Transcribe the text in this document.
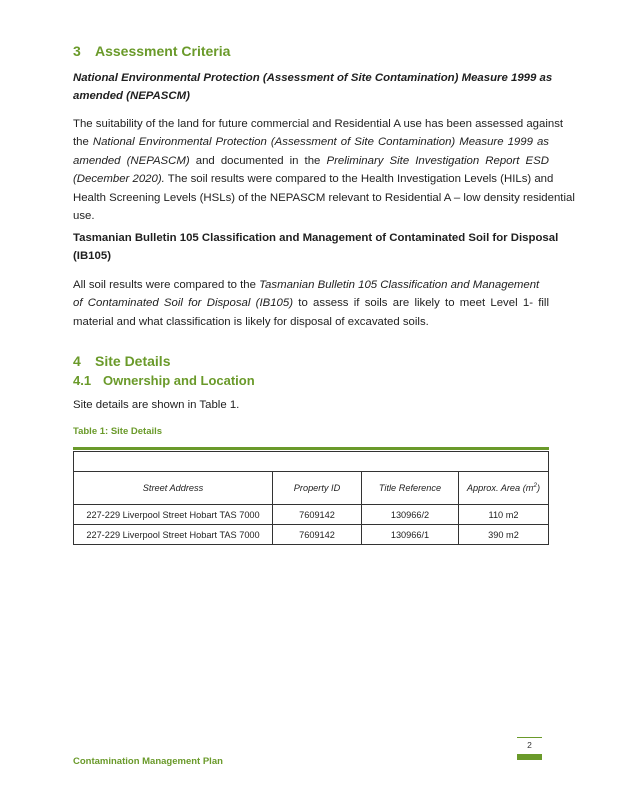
3 Assessment Criteria
National Environmental Protection (Assessment of Site Contamination) Measure 1999 as
amended (NEPASCM)
The suitability of the land for future commercial and Residential A use has been assessed against
the National Environmental Protection (Assessment of Site Contamination) Measure 1999 as
amended (NEPASCM) and documented in the Preliminary Site Investigation Report ESD
(December 2020). The soil results were compared to the Health Investigation Levels (HILs) and
Health Screening Levels (HSLs) of the NEPASCM relevant to Residential A – low density residential
use.
Tasmanian Bulletin 105 Classification and Management of Contaminated Soil for Disposal
(IB105)
All soil results were compared to the Tasmanian Bulletin 105 Classification and Management
of Contaminated Soil for Disposal (IB105) to assess if soils are likely to meet Level 1- fill
material and what classification is likely for disposal of excavated soils.
4 Site Details
4.1 Ownership and Location
Site details are shown in Table 1.
Table 1: Site Details

Street Address	Property ID	Title Reference	Approx. Area $(m^2)$
227-229 Liverpool Street Hobart TAS 7000	7609142	130966/2	110 m2
227-229 Liverpool Street Hobart TAS 7000	7609142	130966/1	390 m2
2
Contamination Management Plan
